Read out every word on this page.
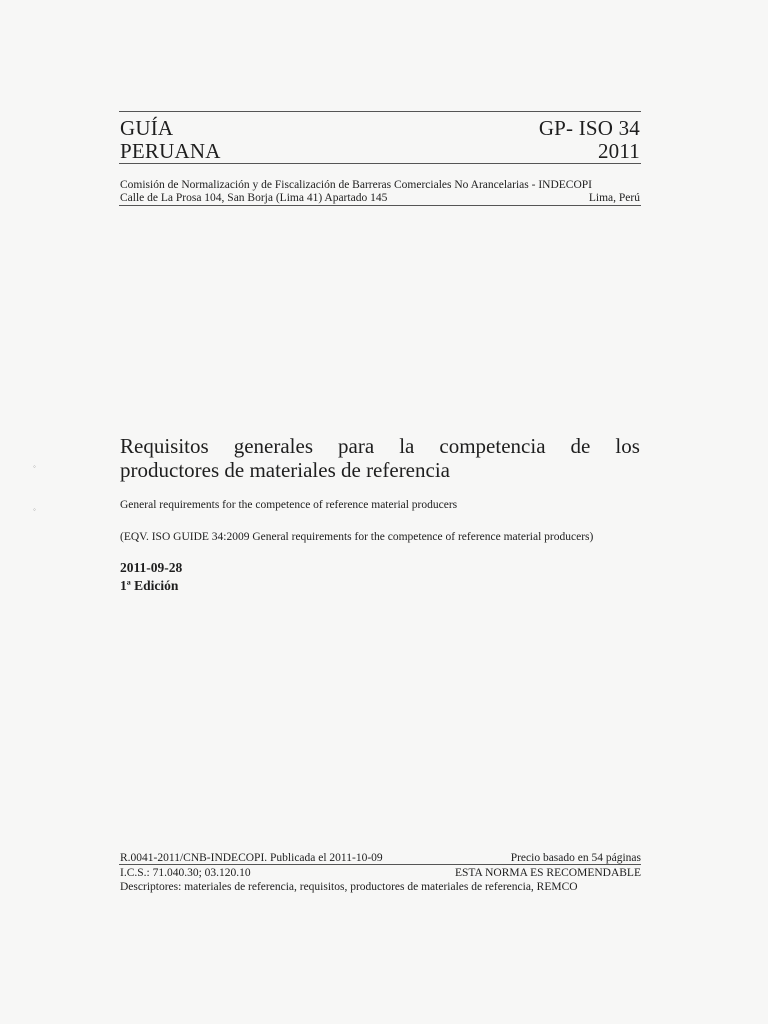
GUÍA
PERUANA
GP- ISO 34
2011
Comisión de Normalización y de Fiscalización de Barreras Comerciales No Arancelarias - INDECOPI
Calle de La Prosa 104, San Borja (Lima 41) Apartado 145	Lima, Perú
Requisitos generales para la competencia de los
productores de materiales de referencia
General requirements for the competence of reference material producers
(EQV. ISO GUIDE 34:2009 General requirements for the competence of reference material producers)
2011-09-28
1ª Edición
R.0041-2011/CNB-INDECOPI. Publicada el 2011-10-09	Precio basado en 54 páginas
I.C.S.: 71.040.30; 03.120.10	ESTA NORMA ES RECOMENDABLE
Descriptores: materiales de referencia, requisitos, productores de materiales de referencia, REMCO
◦
◦
